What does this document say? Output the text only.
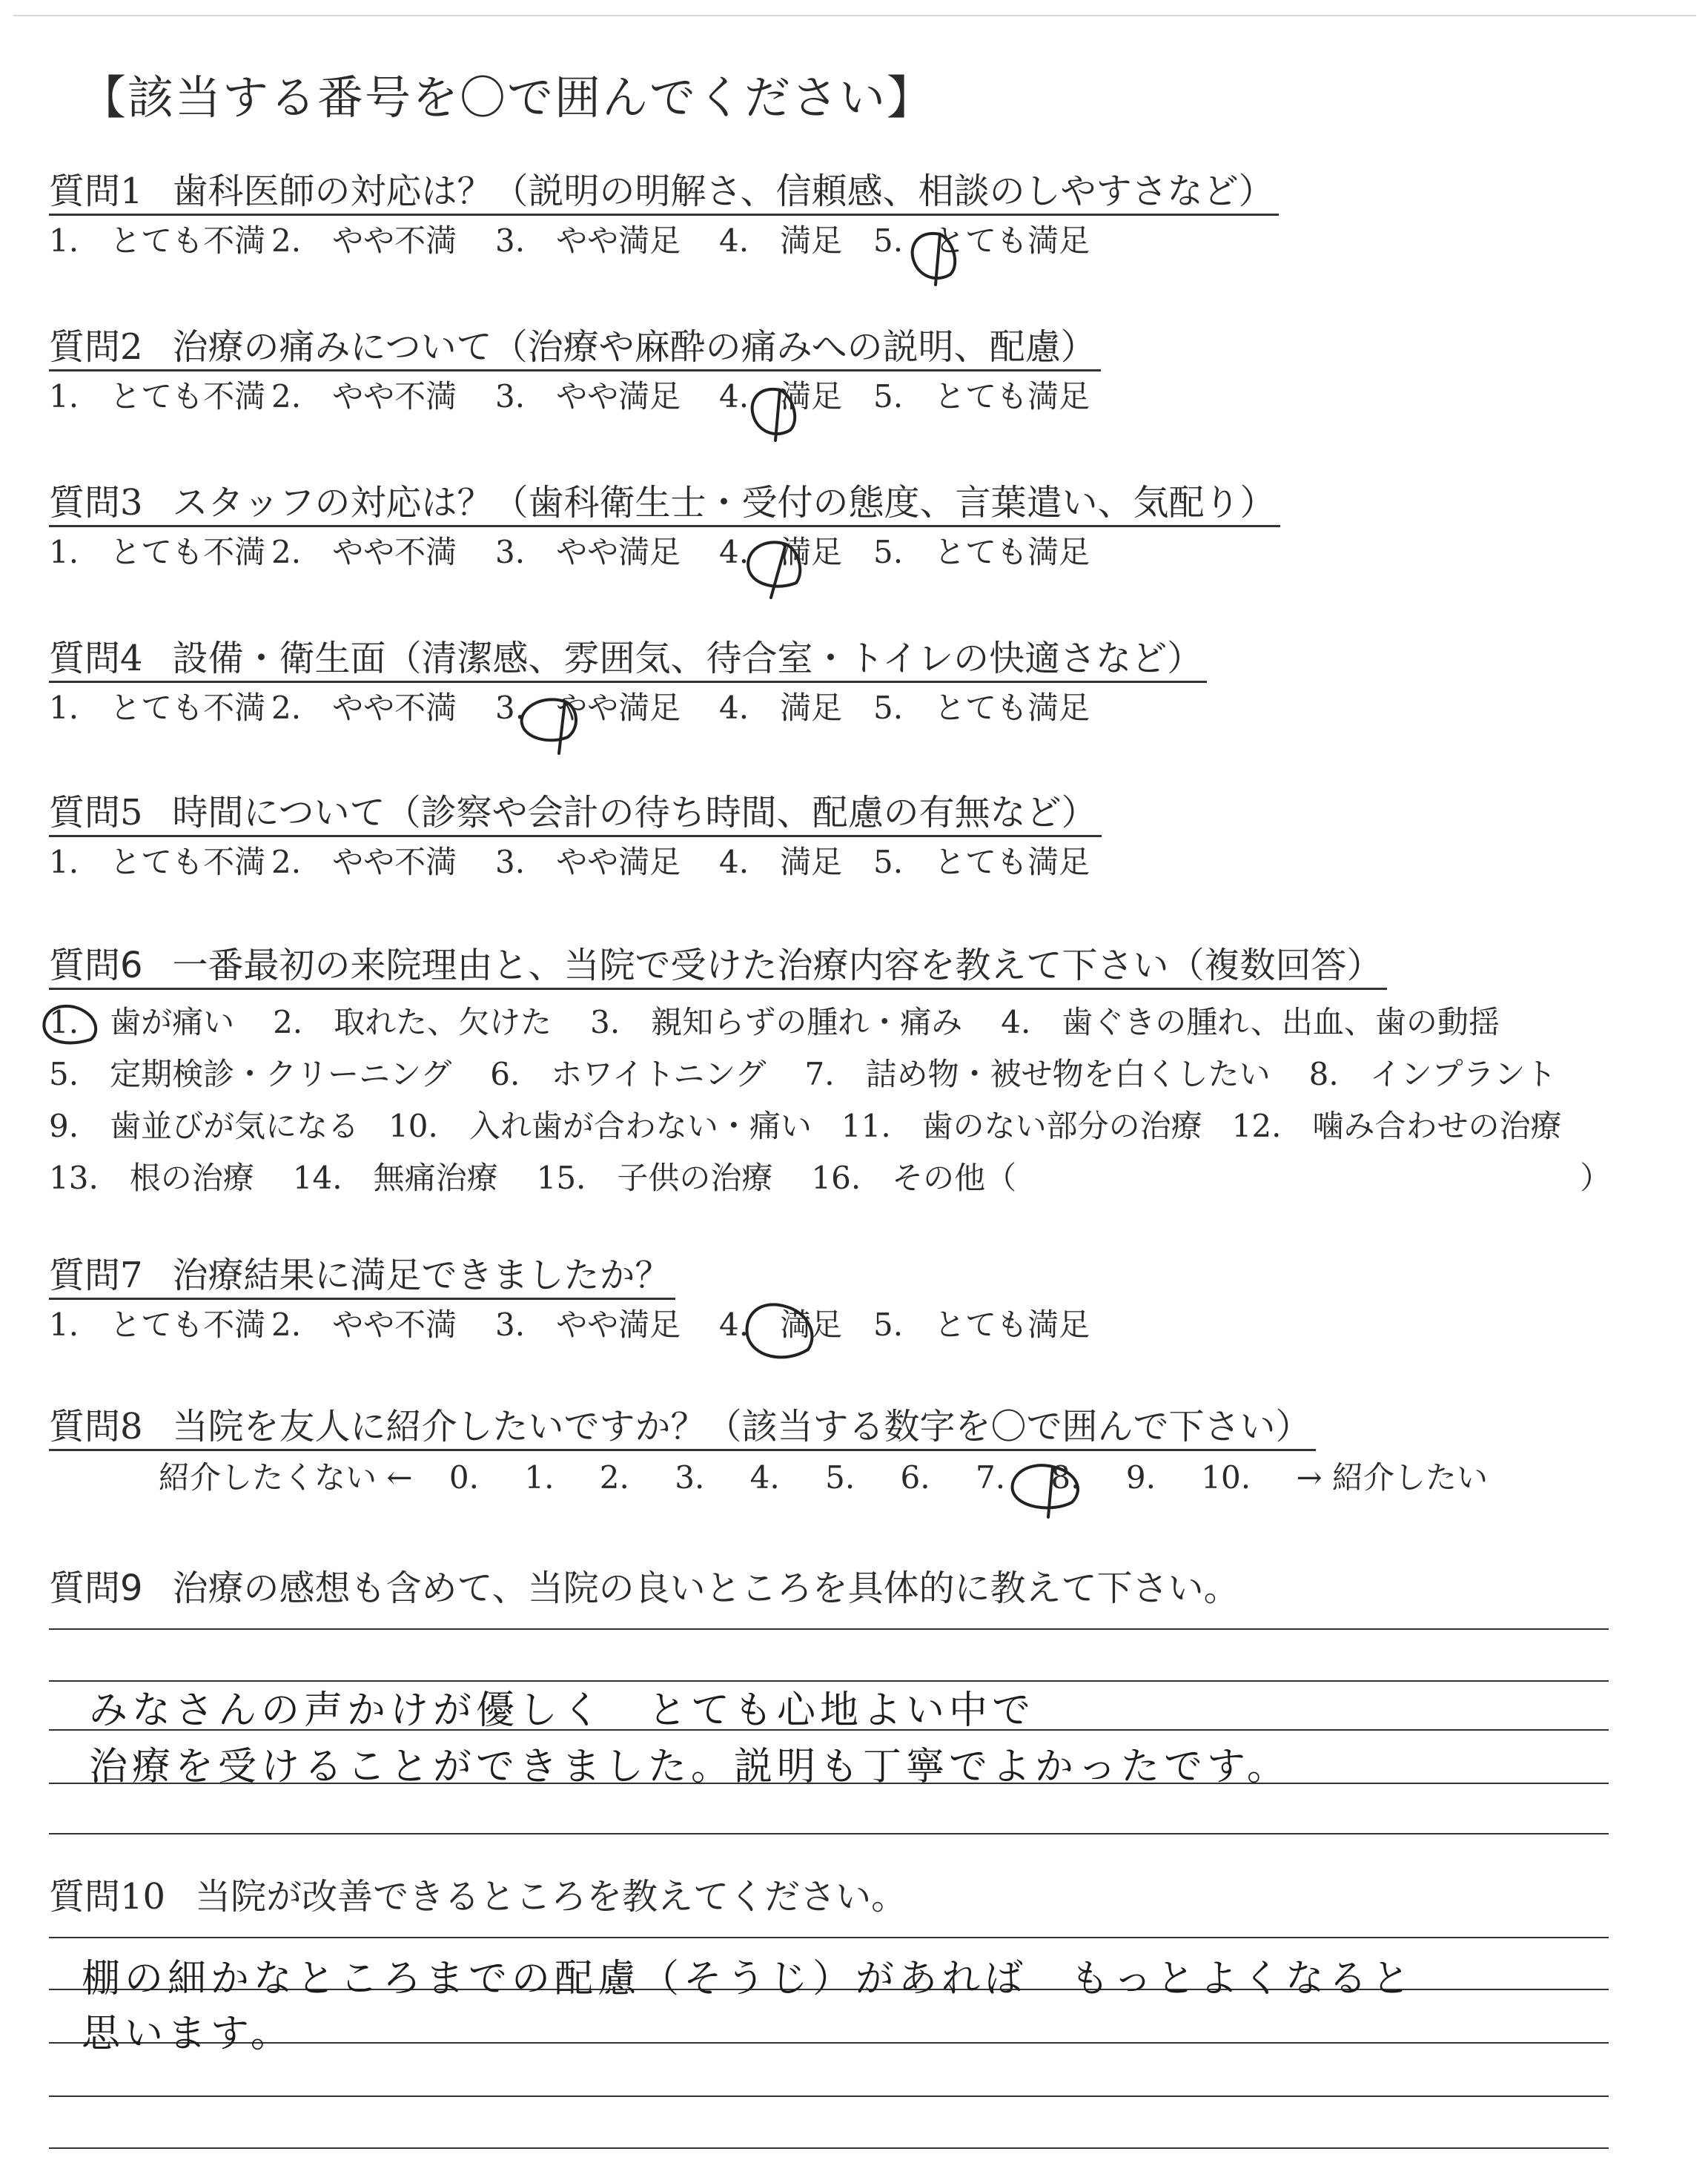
【該当する番号を〇で囲んでください】
質問1 歯科医師の対応は？（説明の明解さ、信頼感、相談のしやすさなど）
1.　とても不満 2.　やや不満	3.　やや満足	4.　満足 5.　とても満足
質問2 治療の痛みについて（治療や麻酔の痛みへの説明、配慮）
1.　とても不満 2.　やや不満	3.　やや満足	4.　満足 5.　とても満足
質問3 スタッフの対応は？（歯科衛生士・受付の態度、言葉遣い、気配り）
1.　とても不満 2.　やや不満	3.　やや満足	4.　満足 5.　とても満足
質問4 設備・衛生面（清潔感、雰囲気、待合室・トイレの快適さなど）
1.　とても不満 2.　やや不満	3.　やや満足	4.　満足 5.　とても満足
質問5 時間について（診察や会計の待ち時間、配慮の有無など）
1.　とても不満 2.　やや不満	3.　やや満足	4.　満足 5.　とても満足
質問6 一番最初の来院理由と、当院で受けた治療内容を教えて下さい（複数回答）
1.　歯が痛い 2.　取れた、欠けた 3.　親知らずの腫れ・痛み 4.　歯ぐきの腫れ、出血、歯の動揺
5.　定期検診・クリーニング 6.　ホワイトニング 7.　詰め物・被せ物を白くしたい 8.　インプラント
9.　歯並びが気になる 10.　入れ歯が合わない・痛い 11.　歯のない部分の治療 12.　噛み合わせの治療
13.　根の治療 14.　無痛治療 15.　子供の治療 16.　その他（	）
質問7 治療結果に満足できましたか？
1.　とても不満 2.　やや不満	3.　やや満足	4.　満足 5.　とても満足
質問8 当院を友人に紹介したいですか？（該当する数字を〇で囲んで下さい）
紹介したくない ← 0. 1. 2. 3. 4. 5. 6. 7. 8. 9. 10. → 紹介したい
質問9 治療の感想も含めて、当院の良いところを具体的に教えて下さい。
みなさんの声かけが優しく　とても心地よい中で
治療を受けることができました。説明も丁寧でよかったです。
質問10 当院が改善できるところを教えてください。
棚の細かなところまでの配慮（そうじ）があれば　もっとよくなると
思います。
